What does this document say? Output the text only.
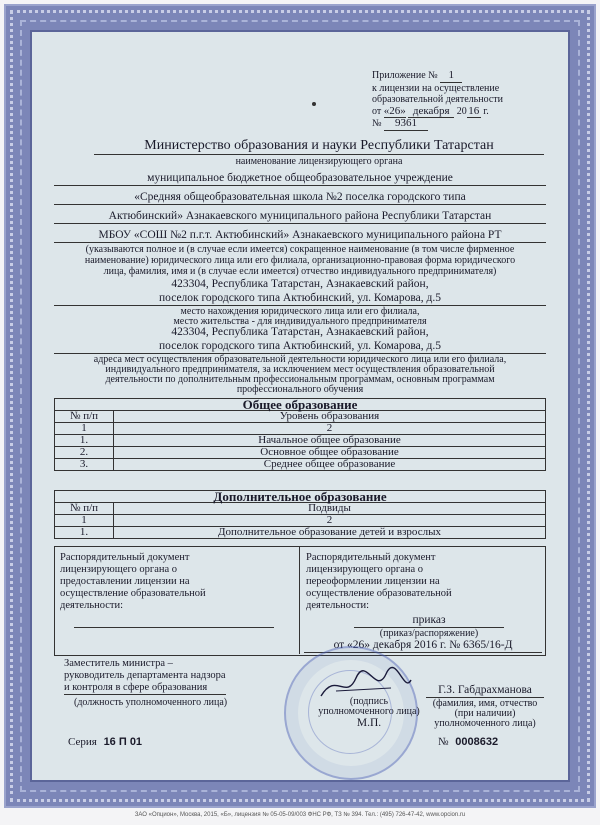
Приложение № 1
к лицензии на осуществление
образовательной деятельности
от «26» декабря 20 16 г.
№ 9361
Министерство образования и науки Республики Татарстан
наименование лицензирующего органа
муниципальное бюджетное общеобразовательное учреждение
«Средняя общеобразовательная школа №2 поселка городского типа
Актюбинский» Азнакаевского муниципального района Республики Татарстан
МБОУ «СОШ №2 п.г.т. Актюбинский» Азнакаевского муниципального района РТ
(указываются полное и (в случае если имеется) сокращенное наименование (в том числе фирменное
наименование) юридического лица или его филиала, организационно-правовая форма юридического
лица, фамилия, имя и (в случае если имеется) отчество индивидуального предпринимателя)
423304, Республика Татарстан, Азнакаевский район,
поселок городского типа Актюбинский, ул. Комарова, д.5
место нахождения юридического лица или его филиала,
место жительства - для индивидуального предпринимателя
423304, Республика Татарстан, Азнакаевский район,
поселок городского типа Актюбинский, ул. Комарова, д.5
адреса мест осуществления образовательной деятельности юридического лица или его филиала,
индивидуального предпринимателя, за исключением мест осуществления образовательной
деятельности по дополнительным профессиональным программам, основным программам
профессионального обучения
Общее образование	
№ п/п	Уровень образования
1	2
1.	Начальное общее образование
2.	Основное общее образование
3.	Среднее общее образование
Дополнительное образование	
№ п/п	Подвиды
1	2
1.	Дополнительное образование детей и взрослых
Распорядительный документ
лицензирующего органа о
предоставлении лицензии на
осуществление образовательной
деятельности:
Распорядительный документ
лицензирующего органа о
переоформлении лицензии на
осуществление образовательной
деятельности:
приказ
(приказ/распоряжение)
от «26» декабря 2016 г. № 6365/16-Д
Заместитель министра –
руководитель департамента надзора
и контроля в сфере образования
(должность уполномоченного лица)	(подпись
уполномоченного лица)
М.П.
Г.З. Габдрахманова
(фамилия, имя, отчество
(при наличии)
уполномоченного лица)
Серия 16 П 01	№ 0008632
ЗАО «Опцион», Москва, 2015, «Б», лицензия № 05-05-09/003 ФНС РФ, ТЗ № 394. Тел.: (495) 726-47-42, www.opcion.ru
